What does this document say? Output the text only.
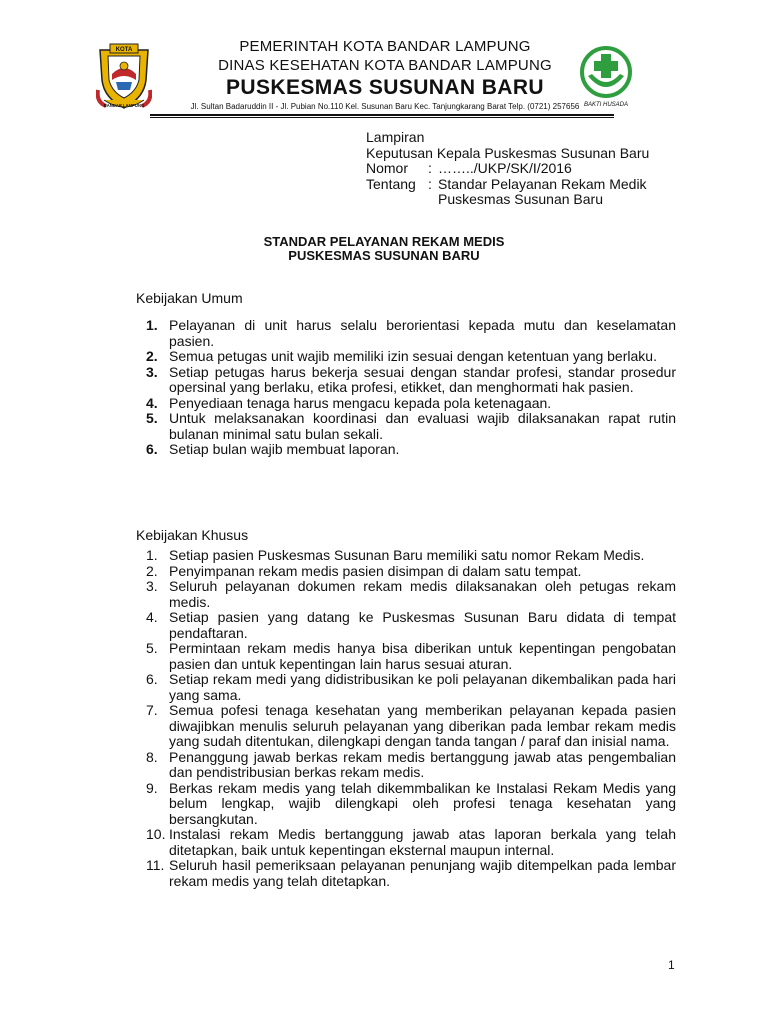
KOTA
BANDAR LAMPUNG
PEMERINTAH KOTA BANDAR LAMPUNG
DINAS KESEHATAN KOTA BANDAR LAMPUNG
PUSKESMAS SUSUNAN BARU
Jl. Sultan Badaruddin II - Jl. Pubian No.110 Kel. Susunan Baru Kec. Tanjungkarang Barat Telp. (0721) 257656 BAKTI HUSADA
Lampiran
Keputusan Kepala Puskesmas Susunan Baru
Nomor	: ……../UKP/SK/I/2016
Tentang : Standar Pelayanan Rekam Medik
Puskesmas Susunan Baru
STANDAR PELAYANAN REKAM MEDIS
PUSKESMAS SUSUNAN BARU
Kebijakan Umum
1. Pelayanan di unit harus selalu berorientasi kepada mutu dan keselamatan pasien.
2. Semua petugas unit wajib memiliki izin sesuai dengan ketentuan yang berlaku.
3. Setiap petugas harus bekerja sesuai dengan standar profesi, standar prosedur opersinal yang berlaku, etika profesi, etikket, dan menghormati hak pasien.
4. Penyediaan tenaga harus mengacu kepada pola ketenagaan.
5. Untuk melaksanakan koordinasi dan evaluasi wajib dilaksanakan rapat rutin bulanan minimal satu bulan sekali.
6. Setiap bulan wajib membuat laporan.
Kebijakan Khusus
1. Setiap pasien Puskesmas Susunan Baru memiliki satu nomor Rekam Medis.
2. Penyimpanan rekam medis pasien disimpan di dalam satu tempat.
3. Seluruh pelayanan dokumen rekam medis dilaksanakan oleh petugas rekam medis.
4. Setiap pasien yang datang ke Puskesmas Susunan Baru didata di tempat pendaftaran.
5. Permintaan rekam medis hanya bisa diberikan untuk kepentingan pengobatan pasien dan untuk kepentingan lain harus sesuai aturan.
6. Setiap rekam medi yang didistribusikan ke poli pelayanan dikembalikan pada hari yang sama.
7. Semua pofesi tenaga kesehatan yang memberikan pelayanan kepada pasien diwajibkan menulis seluruh pelayanan yang diberikan pada lembar rekam medis yang sudah ditentukan, dilengkapi dengan tanda tangan / paraf dan inisial nama.
8. Penanggung jawab berkas rekam medis bertanggung jawab atas pengembalian dan pendistribusian berkas rekam medis.
9. Berkas rekam medis yang telah dikemmbalikan ke Instalasi Rekam Medis yang belum lengkap, wajib dilengkapi oleh profesi tenaga kesehatan yang bersangkutan.
10. Instalasi rekam Medis bertanggung jawab atas laporan berkala yang telah ditetapkan, baik untuk kepentingan eksternal maupun internal.
11. Seluruh hasil pemeriksaan pelayanan penunjang wajib ditempelkan pada lembar rekam medis yang telah ditetapkan.
1
